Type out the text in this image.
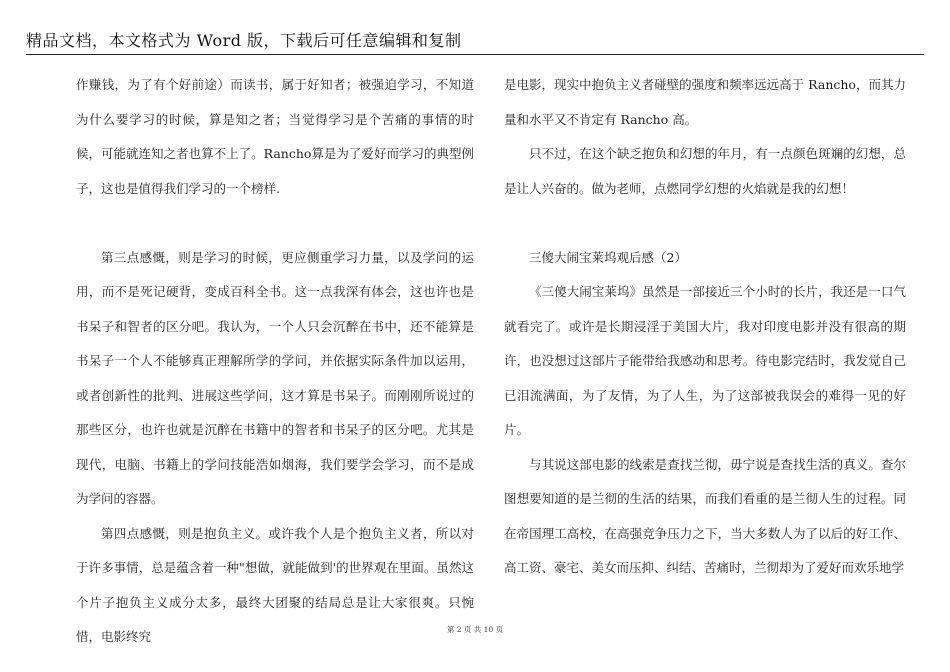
精品文档，本文格式为 Word 版，下载后可任意编辑和复制

作赚钱，为了有个好前途）而读书，属于好知者；被强迫学习，不知道为什么要学习的时候，算是知之者；当觉得学习是个苦痛的事情的时候，可能就连知之者也算不上了。Rancho算是为了爱好而学习的典型例子，这也是值得我们学习的一个榜样.

第三点感慨，则是学习的时候，更应侧重学习力量，以及学问的运用，而不是死记硬背，变成百科全书。这一点我深有体会，这也许也是书呆子和智者的区分吧。我认为，一个人只会沉醉在书中，还不能算是书呆子一个人不能够真正理解所学的学问，并依据实际条件加以运用，或者创新性的批判、进展这些学问，这才算是书呆子。而刚刚所说过的那些区分，也许也就是沉醉在书籍中的智者和书呆子的区分吧。尤其是现代，电脑、书籍上的学问技能浩如烟海，我们要学会学习，而不是成为学问的容器。

第四点感慨，则是抱负主义。或许我个人是个抱负主义者，所以对于许多事情，总是蕴含着一种"想做，就能做到'的世界观在里面。虽然这个片子抱负主义成分太多，最终大团聚的结局总是让大家很爽。只惋惜，电影终究

是电影，现实中抱负主义者碰壁的强度和频率远远高于 Rancho，而其力量和水平又不肯定有 Rancho 高。

只不过，在这个缺乏抱负和幻想的年月，有一点颜色斑斓的幻想，总是让人兴奋的。做为老师，点燃同学幻想的火焰就是我的幻想！

三傻大闹宝莱坞观后感（2）

《三傻大闹宝莱坞》虽然是一部接近三个小时的长片，我还是一口气就看完了。或许是长期浸淫于美国大片，我对印度电影并没有很高的期许，也没想过这部片子能带给我感动和思考。待电影完结时，我发觉自己已泪流满面，为了友情，为了人生，为了这部被我误会的难得一见的好片。

与其说这部电影的线索是查找兰彻，毋宁说是查找生活的真义。查尔图想要知道的是兰彻的生活的结果，而我们看重的是兰彻人生的过程。同在帝国理工高校，在高强竞争压力之下，当大多数人为了以后的好工作、高工资、豪宅、美女而压抑、纠结、苦痛时，兰彻却为了爱好而欢乐地学

第 2 页 共 10 页
